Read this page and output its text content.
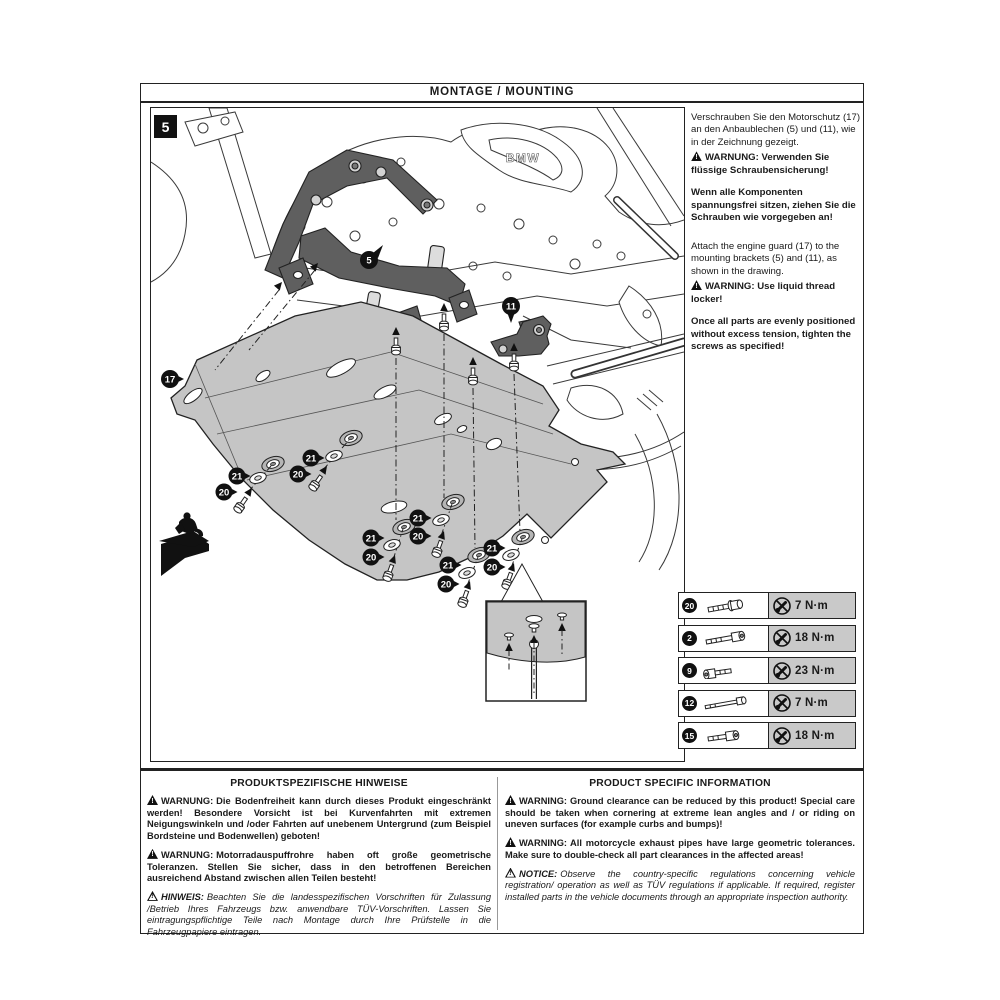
MONTAGE / MOUNTING
BMW
5
11
17
21
21
21
21
21
21
20
20
20
20
20
20
5

Verschrauben Sie den Motorschutz (17) an den Anbaublechen (5) und (11), wie in der Zeichnung gezeigt.

! WARNUNG: Verwenden Sie flüssige Schraubensicherung!

Wenn alle Komponenten spannungsfrei sitzen, ziehen Sie die Schrauben wie vorgegeben an!

Attach the engine guard (17) to the mounting brackets (5) and (11), as shown in the drawing.

! WARNING: Use liquid thread locker!

Once all parts are evenly positioned without excess tension, tighten the screws as specified!

20	7 N·m
2	18 N·m
9	23 N·m
12	7 N·m
15	18 N·m
PRODUKTSPEZIFISCHE HINWEISE

! WARNUNG: Die Bodenfreiheit kann durch dieses Produkt eingeschränkt werden! Besondere Vorsicht ist bei Kurvenfahrten mit extremen Neigungswinkeln und /oder Fahrten auf unebenem Untergrund (zum Beispiel Bordsteine und Bodenwellen) geboten!

! WARNUNG: Motorradauspuffrohre haben oft große geometrische Toleranzen. Stellen Sie sicher, dass in den betroffenen Bereichen ausreichend Abstand zwischen allen Teilen besteht!

! HINWEIS: Beachten Sie die landesspezifischen Vorschriften für Zulassung /Betrieb Ihres Fahrzeugs bzw. anwendbare TÜV-Vorschriften. Lassen Sie eintragungspflichtige Teile nach Montage durch Ihre Prüfstelle in die Fahrzeugpapiere eintragen.

PRODUCT SPECIFIC INFORMATION

! WARNING: Ground clearance can be reduced by this product! Special care should be taken when cornering at extreme lean angles and / or riding on uneven surfaces (for example curbs and bumps)!

! WARNING: All motorcycle exhaust pipes have large geometric tolerances. Make sure to double-check all part clearances in the affected areas!

! NOTICE: Observe the country-specific regulations concerning vehicle registration/ operation as well as TÜV regulations if applicable. If required, register installed parts in the vehicle documents through an appropriate inspection authority.
